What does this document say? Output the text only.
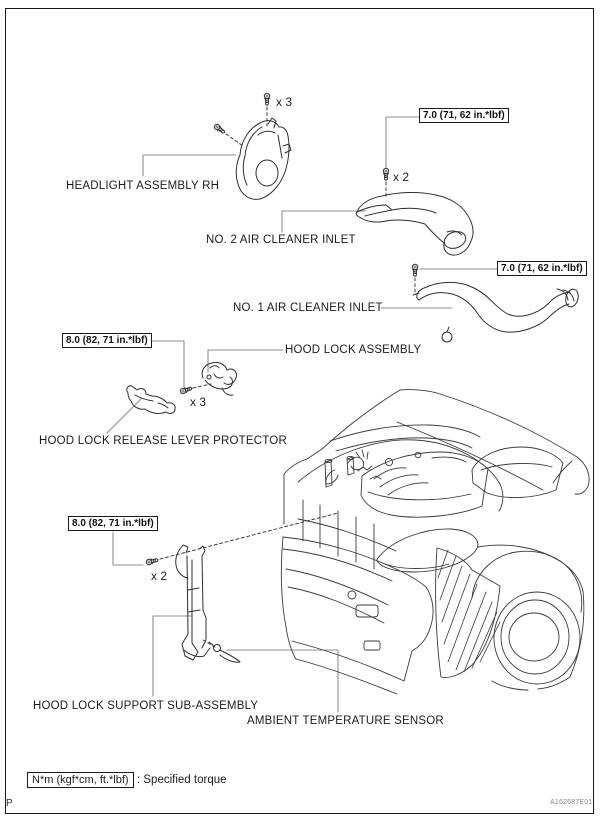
HEADLIGHT ASSEMBLY RH
NO. 2 AIR CLEANER INLET
NO. 1 AIR CLEANER INLET
HOOD LOCK ASSEMBLY
HOOD LOCK RELEASE LEVER PROTECTOR
HOOD LOCK SUPPORT SUB-ASSEMBLY
AMBIENT TEMPERATURE SENSOR
7.0 (71, 62 in.*lbf)
7.0 (71, 62 in.*lbf)
8.0 (82, 71 in.*lbf)
8.0 (82, 71 in.*lbf)
x 3
x 2
x 3
x 2
N*m (kgf*cm, ft.*lbf) : Specified torque
P	A162687E01
